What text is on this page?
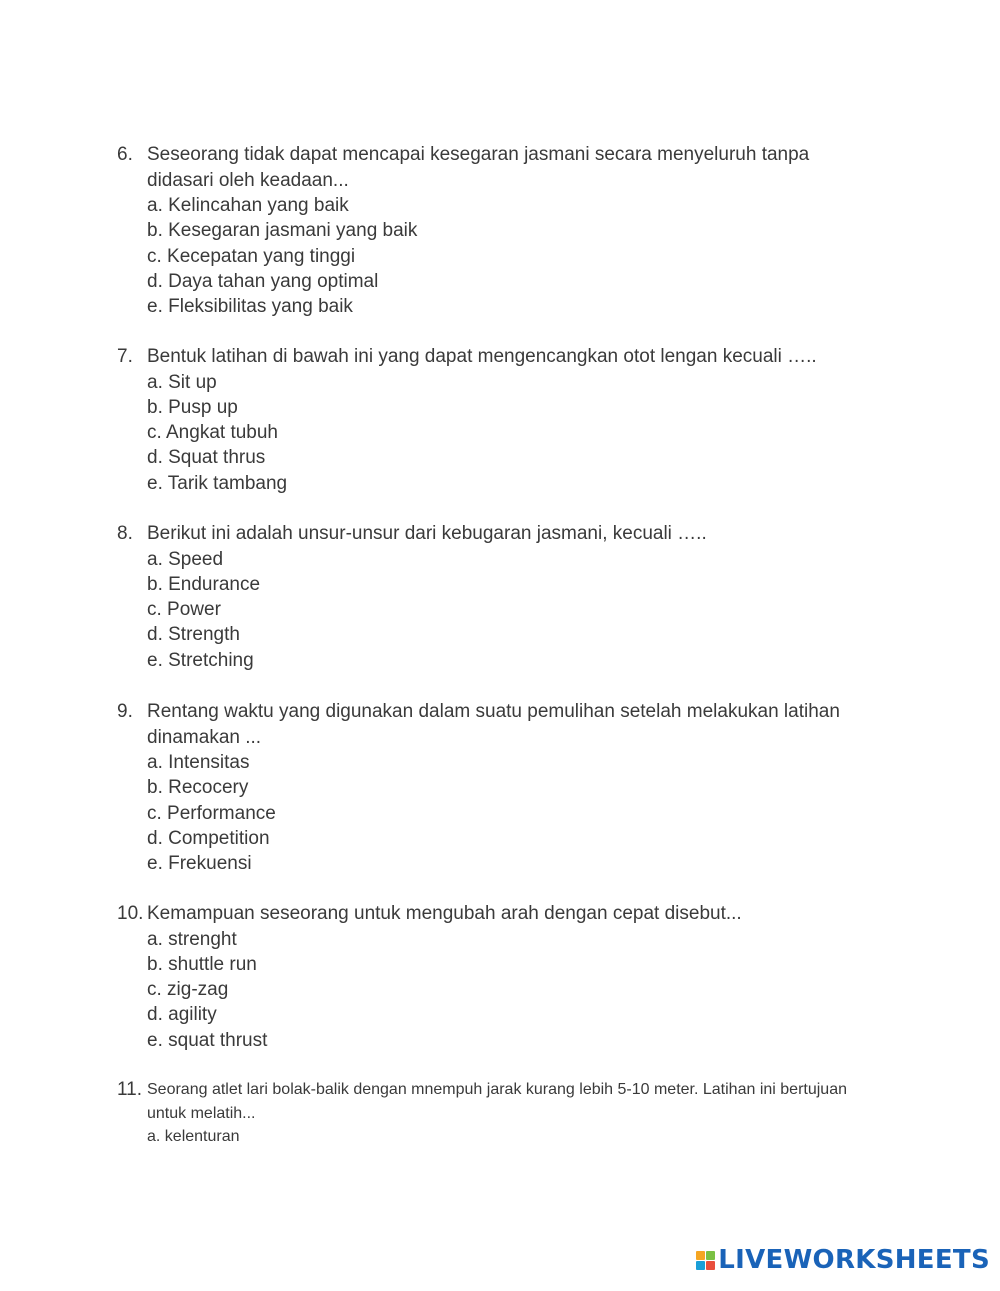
6. Seseorang tidak dapat mencapai kesegaran jasmani secara menyeluruh tanpa didasari oleh keadaan...
a. Kelincahan yang baik
b. Kesegaran jasmani yang baik
c. Kecepatan yang tinggi
d. Daya tahan yang optimal
e. Fleksibilitas yang baik
7. Bentuk latihan di bawah ini yang dapat mengencangkan otot lengan kecuali …..
a. Sit up
b. Pusp up
c. Angkat tubuh
d. Squat thrus
e. Tarik tambang
8. Berikut ini adalah unsur-unsur dari kebugaran jasmani, kecuali …..
a. Speed
b. Endurance
c. Power
d. Strength
e. Stretching
9. Rentang waktu yang digunakan dalam suatu pemulihan setelah melakukan latihan dinamakan ...
a. Intensitas
b. Recocery
c. Performance
d. Competition
e. Frekuensi
10. Kemampuan seseorang untuk mengubah arah dengan cepat disebut...
a. strenght
b. shuttle run
c. zig-zag
d. agility
e. squat thrust
11. Seorang atlet lari bolak-balik dengan mnempuh jarak kurang lebih 5-10 meter. Latihan ini bertujuan untuk melatih...
a. kelenturan
LIVEWORKSHEETS
